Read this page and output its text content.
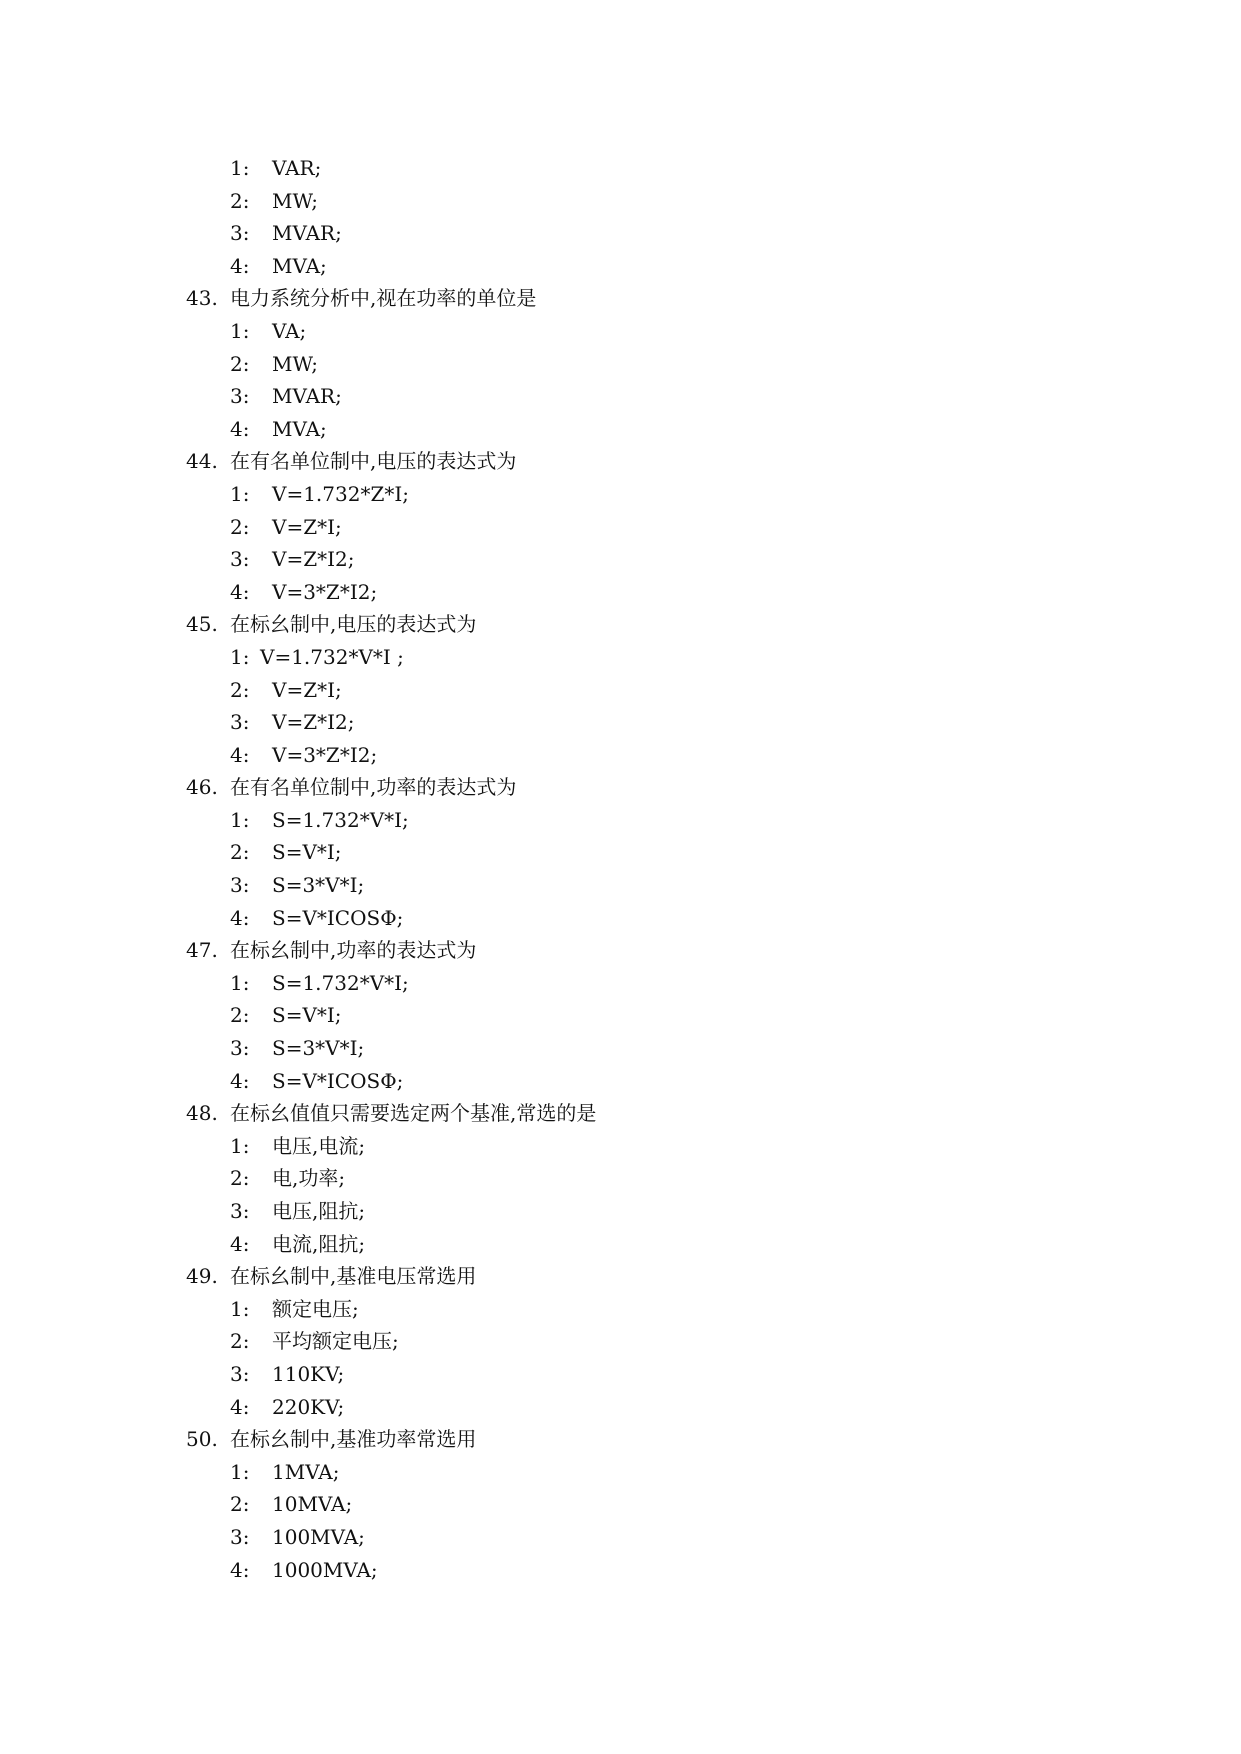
1: VAR;
2: MW;
3: MVAR;
4: MVA;
43. 电力系统分析中,视在功率的单位是
1: VA;
2: MW;
3: MVAR;
4: MVA;
44. 在有名单位制中,电压的表达式为
1: V=1.732*Z*I;
2: V=Z*I;
3: V=Z*I2;
4: V=3*Z*I2;
45. 在标幺制中,电压的表达式为
1: V=1.732*V*I ;
2: V=Z*I;
3: V=Z*I2;
4: V=3*Z*I2;
46. 在有名单位制中,功率的表达式为
1: S=1.732*V*I;
2: S=V*I;
3: S=3*V*I;
4: S=V*ICOSΦ;
47. 在标幺制中,功率的表达式为
1: S=1.732*V*I;
2: S=V*I;
3: S=3*V*I;
4: S=V*ICOSΦ;
48. 在标幺值值只需要选定两个基准,常选的是
1: 电压,电流;
2: 电,功率;
3: 电压,阻抗;
4: 电流,阻抗;
49. 在标幺制中,基准电压常选用
1: 额定电压;
2: 平均额定电压;
3: 110KV;
4: 220KV;
50. 在标幺制中,基准功率常选用
1: 1MVA;
2: 10MVA;
3: 100MVA;
4: 1000MVA;
